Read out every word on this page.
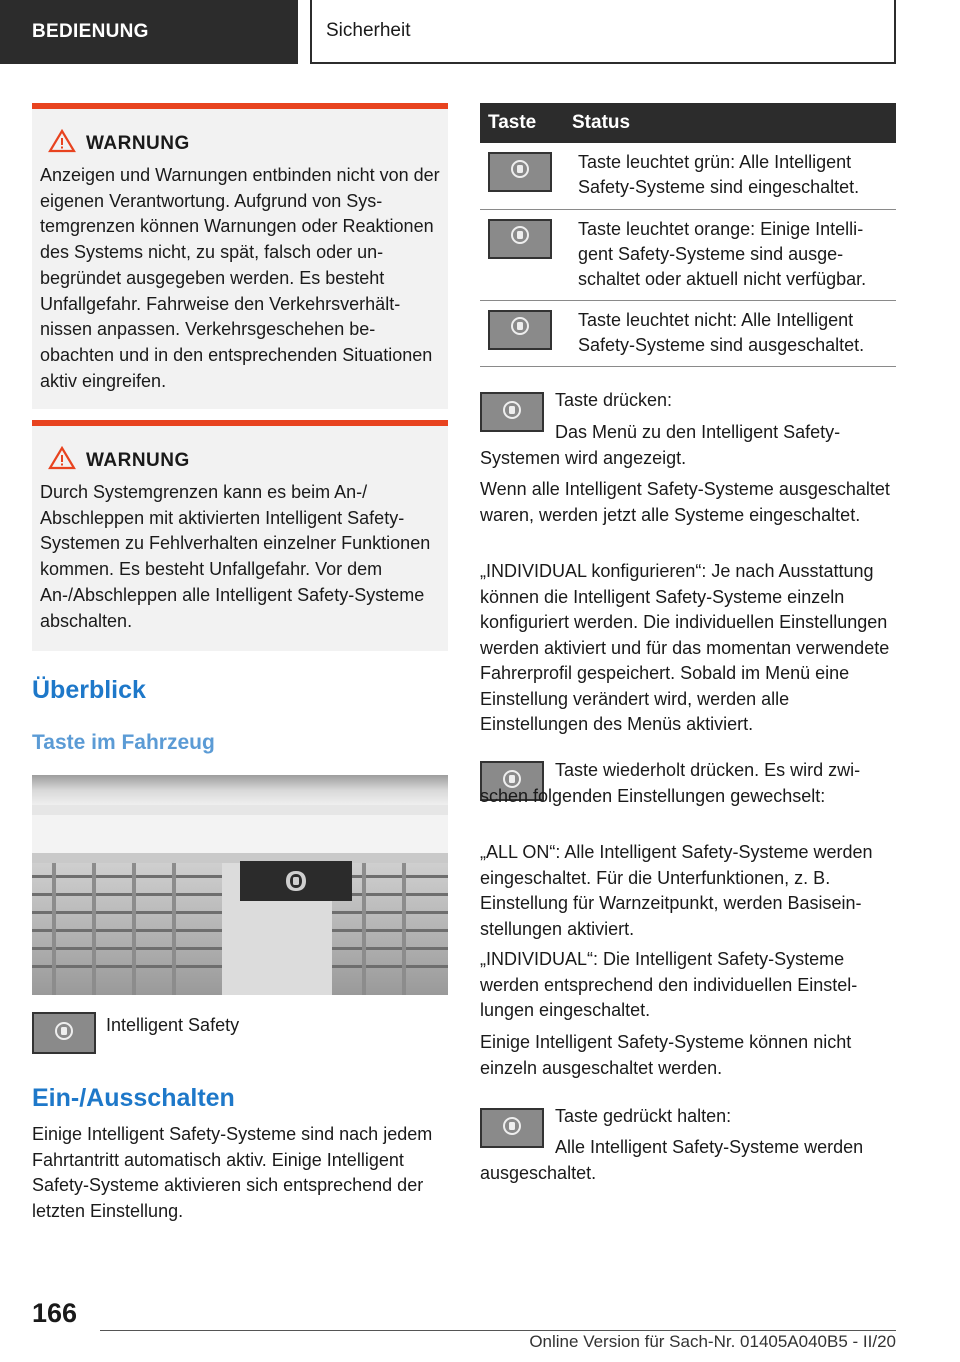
BEDIENUNG	Sicherheit
WARNUNG
Anzeigen und Warnungen entbinden nicht von der eigenen Verantwortung. Aufgrund von Systemgrenzen können Warnungen oder Reaktionen des Systems nicht, zu spät, falsch oder unbegründet ausgegeben werden. Es besteht Unfallgefahr. Fahrweise den Verkehrsverhältnissen anpassen. Verkehrsgeschehen beobachten und in den entsprechenden Situationen aktiv eingreifen.
WARNUNG
Durch Systemgrenzen kann es beim An-/ Abschleppen mit aktivierten Intelligent Safety-Systemen zu Fehlverhalten einzelner Funktionen kommen. Es besteht Unfallgefahr. Vor dem An-/Abschleppen alle Intelligent Safety-Systeme abschalten.
Überblick
Taste im Fahrzeug
Intelligent Safety
Ein-/Ausschalten
Einige Intelligent Safety-Systeme sind nach jedem Fahrtantritt automatisch aktiv. Einige Intelligent Safety-Systeme aktivieren sich entsprechend der letzten Einstellung.
Taste	Status

	Taste leuchtet grün: Alle Intelligent Safety-Systeme sind eingeschaltet.

	Taste leuchtet orange: Einige Intelligent Safety-Systeme sind ausgeschaltet oder aktuell nicht verfügbar.

	Taste leuchtet nicht: Alle Intelligent Safety-Systeme sind ausgeschaltet.
Taste drücken:
Das Menü zu den Intelligent Safety-Systemen wird angezeigt.
Wenn alle Intelligent Safety-Systeme ausgeschaltet waren, werden jetzt alle Systeme eingeschaltet.
„INDIVIDUAL konfigurieren“: Je nach Ausstattung können die Intelligent Safety-Systeme einzeln konfiguriert werden. Die individuellen Einstellungen werden aktiviert und für das momentan verwendete Fahrerprofil gespeichert. Sobald im Menü eine Einstellung verändert wird, werden alle Einstellungen des Menüs aktiviert.
Taste wiederholt drücken. Es wird zwischen folgenden Einstellungen gewechselt:
„ALL ON“: Alle Intelligent Safety-Systeme werden eingeschaltet. Für die Unterfunktionen, z. B. Einstellung für Warnzeitpunkt, werden Basiseinstellungen aktiviert.
„INDIVIDUAL“: Die Intelligent Safety-Systeme werden entsprechend den individuellen Einstellungen eingeschaltet.
Einige Intelligent Safety-Systeme können nicht einzeln ausgeschaltet werden.
Taste gedrückt halten:
Alle Intelligent Safety-Systeme werden ausgeschaltet.
166
Online Version für Sach-Nr. 01405A040B5 - II/20
